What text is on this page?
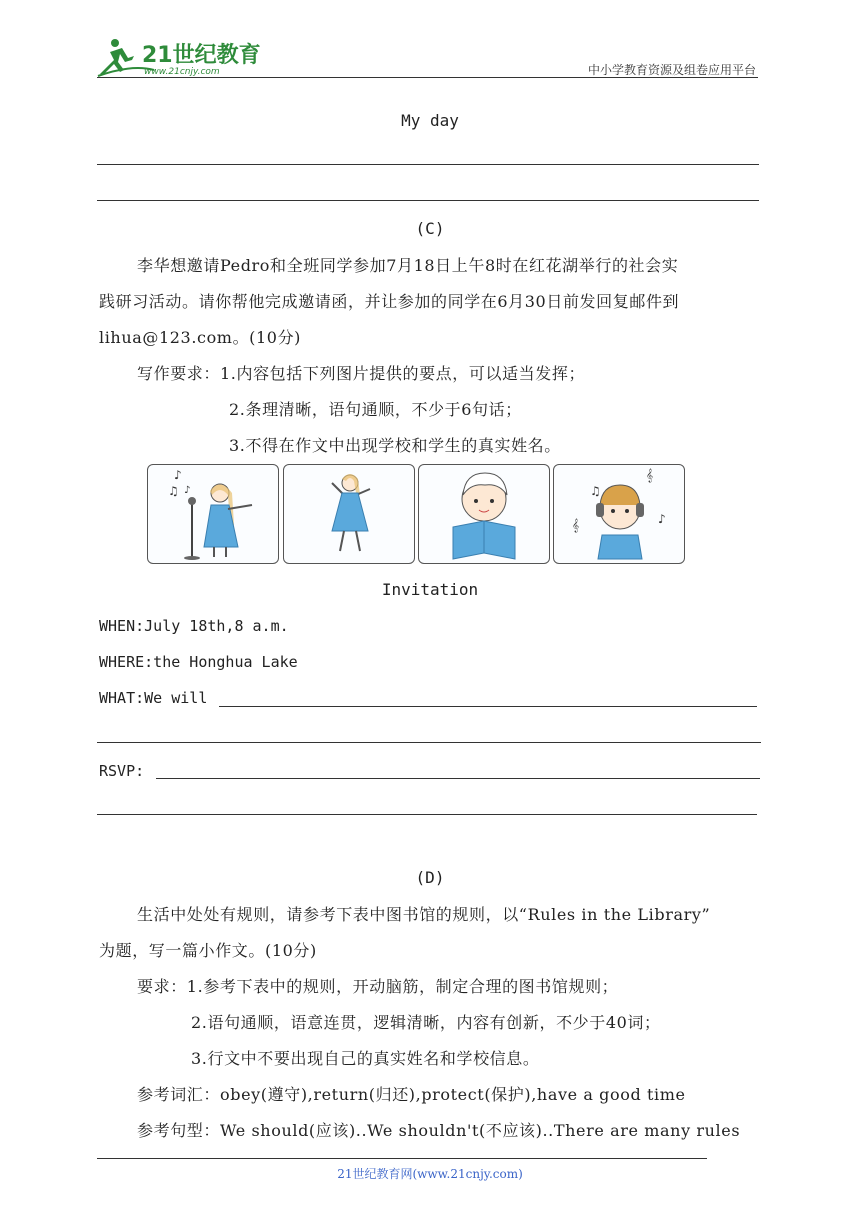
21世纪教育
www.21cnjy.com	中小学教育资源及组卷应用平台
My day
(C)
李华想邀请Pedro和全班同学参加7月18日上午8时在红花湖举行的社会实
践研习活动。请你帮他完成邀请函，并让参加的同学在6月30日前发回复邮件到
lihua@123.com。(10分)
写作要求：1.内容包括下列图片提供的要点，可以适当发挥；
2.条理清晰，语句通顺，不少于6句话；
3.不得在作文中出现学校和学生的真实姓名。
♪
♫ ♪	♫
𝄞
𝄞
♪
Invitation
WHEN:July 18th,8 a.m.
WHERE:the Honghua Lake
WHAT:We will
RSVP:
(D)
生活中处处有规则，请参考下表中图书馆的规则，以“Rules in the Library”
为题，写一篇小作文。(10分)
要求：1.参考下表中的规则，开动脑筋，制定合理的图书馆规则；
2.语句通顺，语意连贯，逻辑清晰，内容有创新，不少于40词；
3.行文中不要出现自己的真实姓名和学校信息。
参考词汇：obey(遵守),return(归还),protect(保护),have a good time
参考句型：We should(应该)..We shouldn't(不应该)..There are many rules
21世纪教育网(www.21cnjy.com)
